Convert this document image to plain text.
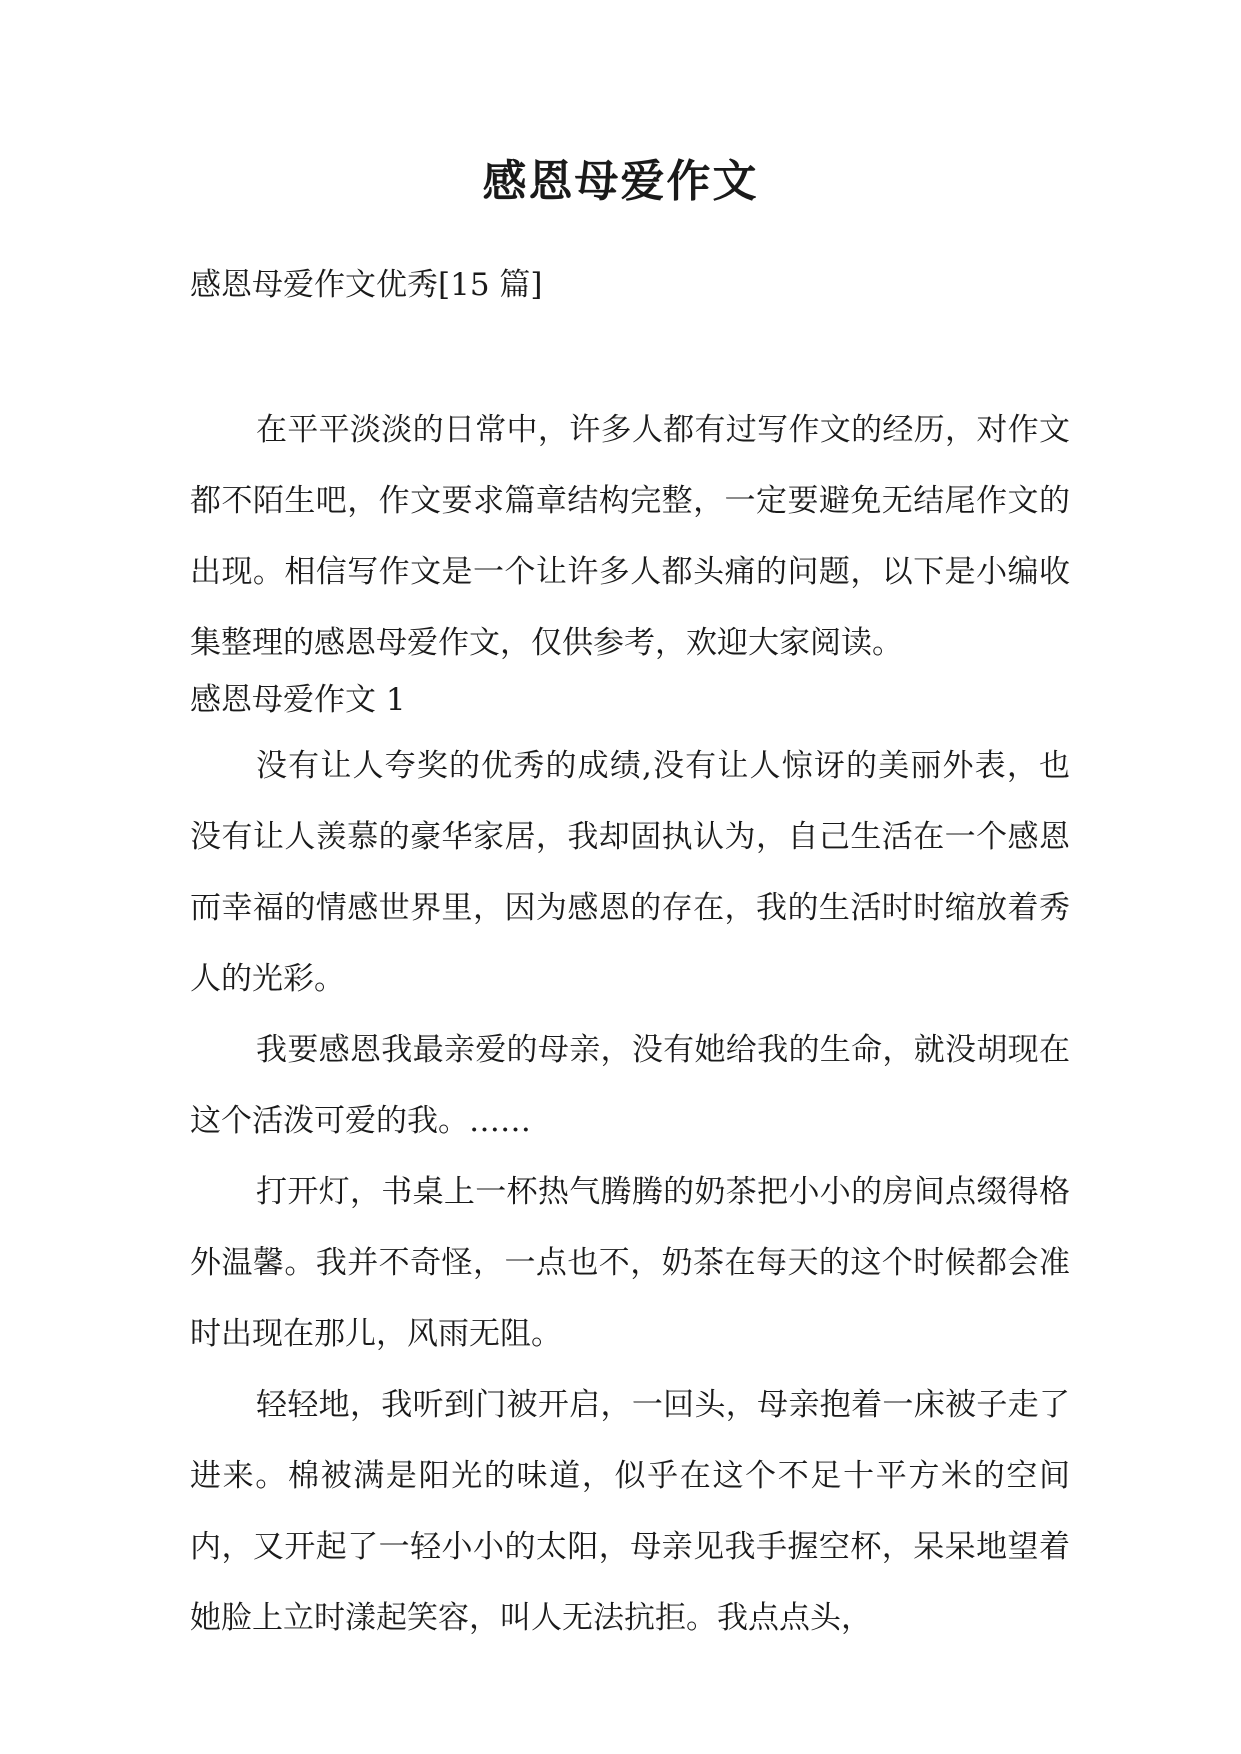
感恩母爱作文
感恩母爱作文优秀[15 篇]

在平平淡淡的日常中，许多人都有过写作文的经历，对作文都不陌生吧，作文要求篇章结构完整，一定要避免无结尾作文的出现。相信写作文是一个让许多人都头痛的问题，以下是小编收集整理的感恩母爱作文，仅供参考，欢迎大家阅读。

感恩母爱作文 1

没有让人夸奖的优秀的成绩,没有让人惊讶的美丽外表，也没有让人羡慕的豪华家居，我却固执认为，自己生活在一个感恩而幸福的情感世界里，因为感恩的存在，我的生活时时缩放着秀人的光彩。

我要感恩我最亲爱的母亲，没有她给我的生命，就没胡现在这个活泼可爱的我。……

打开灯，书桌上一杯热气腾腾的奶茶把小小的房间点缀得格外温馨。我并不奇怪，一点也不，奶茶在每天的这个时候都会准时出现在那儿，风雨无阻。

轻轻地，我听到门被开启，一回头，母亲抱着一床被子走了进来。棉被满是阳光的味道，似乎在这个不足十平方米的空间内，又开起了一轻小小的太阳，母亲见我手握空杯，呆呆地望着她脸上立时漾起笑容，叫人无法抗拒。我点点头，
